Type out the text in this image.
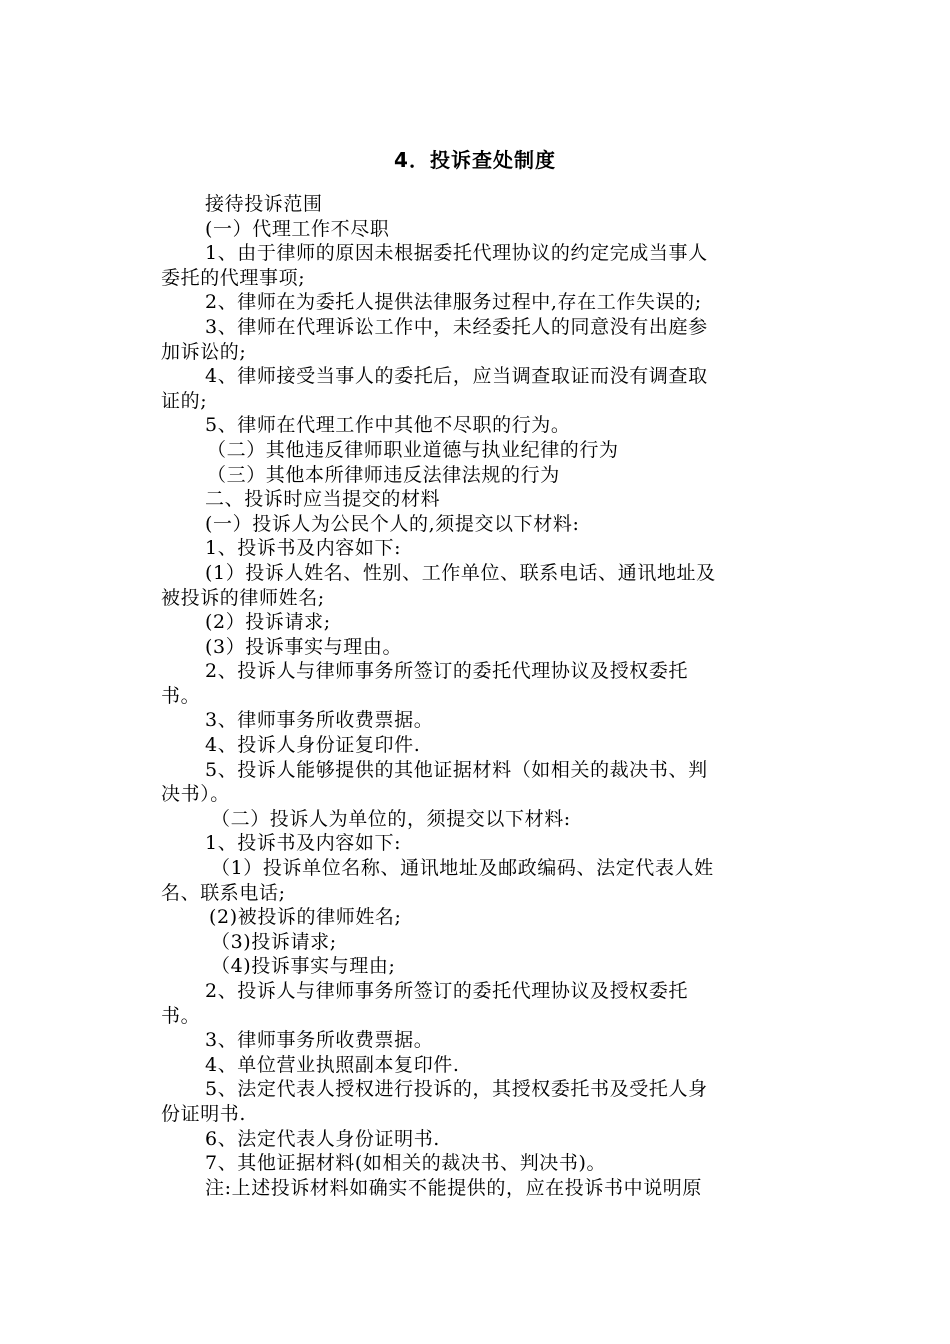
4．投诉查处制度
接待投诉范围
(一）代理工作不尽职
1、由于律师的原因未根据委托代理协议的约定完成当事人
委托的代理事项;
2、律师在为委托人提供法律服务过程中,存在工作失误的;
3、律师在代理诉讼工作中，未经委托人的同意没有出庭参
加诉讼的;
4、律师接受当事人的委托后，应当调查取证而没有调查取
证的;
5、律师在代理工作中其他不尽职的行为。
（二）其他违反律师职业道德与执业纪律的行为
（三）其他本所律师违反法律法规的行为
二、投诉时应当提交的材料
(一）投诉人为公民个人的,须提交以下材料:
1、投诉书及内容如下:
(1）投诉人姓名、性别、工作单位、联系电话、通讯地址及
被投诉的律师姓名;
(2）投诉请求;
(3）投诉事实与理由。
2、投诉人与律师事务所签订的委托代理协议及授权委托
书。
3、律师事务所收费票据。
4、投诉人身份证复印件.
5、投诉人能够提供的其他证据材料（如相关的裁决书、判
决书）。
（二）投诉人为单位的，须提交以下材料:
1、投诉书及内容如下:
（1）投诉单位名称、通讯地址及邮政编码、法定代表人姓
名、联系电话;
(2)被投诉的律师姓名;
（3)投诉请求;
（4)投诉事实与理由;
2、投诉人与律师事务所签订的委托代理协议及授权委托
书。
3、律师事务所收费票据。
4、单位营业执照副本复印件.
5、法定代表人授权进行投诉的，其授权委托书及受托人身
份证明书.
6、法定代表人身份证明书.
7、其他证据材料(如相关的裁决书、判决书)。
注:上述投诉材料如确实不能提供的，应在投诉书中说明原
